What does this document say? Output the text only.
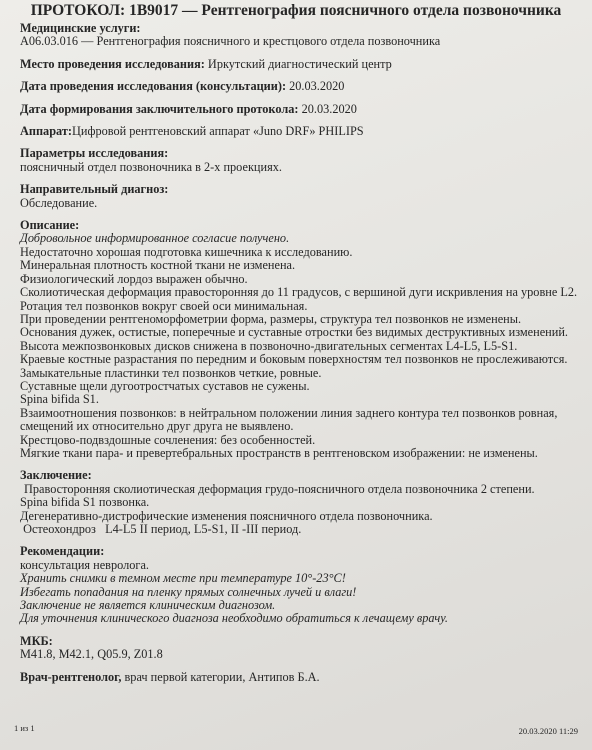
ПРОТОКОЛ: 1В9017 — Рентгенография поясничного отдела позвоночника

Медицинские услуги:

А06.03.016 — Рентгенография поясничного и крестцового отдела позвоночника

Место проведения исследования: Иркутский диагностический центр

Дата проведения исследования (консультации): 20.03.2020

Дата формирования заключительного протокола: 20.03.2020

Аппарат:Цифровой рентгеновский аппарат «Juno DRF» PHILIPS

Параметры исследования:

поясничный отдел позвоночника в 2-х проекциях.

Направительный диагноз:

Обследование.

Описание:

Добровольное информированное согласие получено.

Недостаточно хорошая подготовка кишечника к исследованию.

Минеральная плотность костной ткани не изменена.

Физиологический лордоз выражен обычно.

Сколиотическая деформация правосторонняя до 11 градусов, с вершиной дуги искривления на уровне L2.

Ротация тел позвонков вокруг своей оси минимальная.

При проведении рентгеноморфометрии форма, размеры, структура тел позвонков не изменены.

Основания дужек, остистые, поперечные и суставные отростки без видимых деструктивных изменений.

Высота межпозвонковых дисков снижена в позвоночно-двигательных сегментах L4-L5, L5-S1.

Краевые костные разрастания по передним и боковым поверхностям тел позвонков не прослеживаются.

Замыкательные пластинки тел позвонков четкие, ровные.

Суставные щели дугоотростчатых суставов не сужены.

Spina bifida S1.

Взаимоотношения позвонков: в нейтральном положении линия заднего контура тел позвонков ровная,

смещений их относительно друг друга не выявлено.

Крестцово-подвздошные сочленения: без особенностей.

Мягкие ткани пара- и превертебральных пространств в рентгеновском изображении: не изменены.

Заключение:

Правосторонняя сколиотическая деформация грудо-поясничного отдела позвоночника 2 степени.

Spina bifida S1 позвонка.

Дегенеративно-дистрофические изменения поясничного отдела позвоночника.

Остеохондроз   L4-L5 II период, L5-S1, II -III период.

Рекомендации:

консультация невролога.

Хранить снимки в темном месте при температуре 10°-23°С!

Избегать попадания на пленку прямых солнечных лучей и влаги!

Заключение не является клиническим диагнозом.

Для уточнения клинического диагноза необходимо обратиться к лечащему врачу.

МКБ:

M41.8, M42.1, Q05.9, Z01.8

Врач-рентгенолог, врач первой категории, Антипов Б.А.

1 из 1	20.03.2020 11:29
